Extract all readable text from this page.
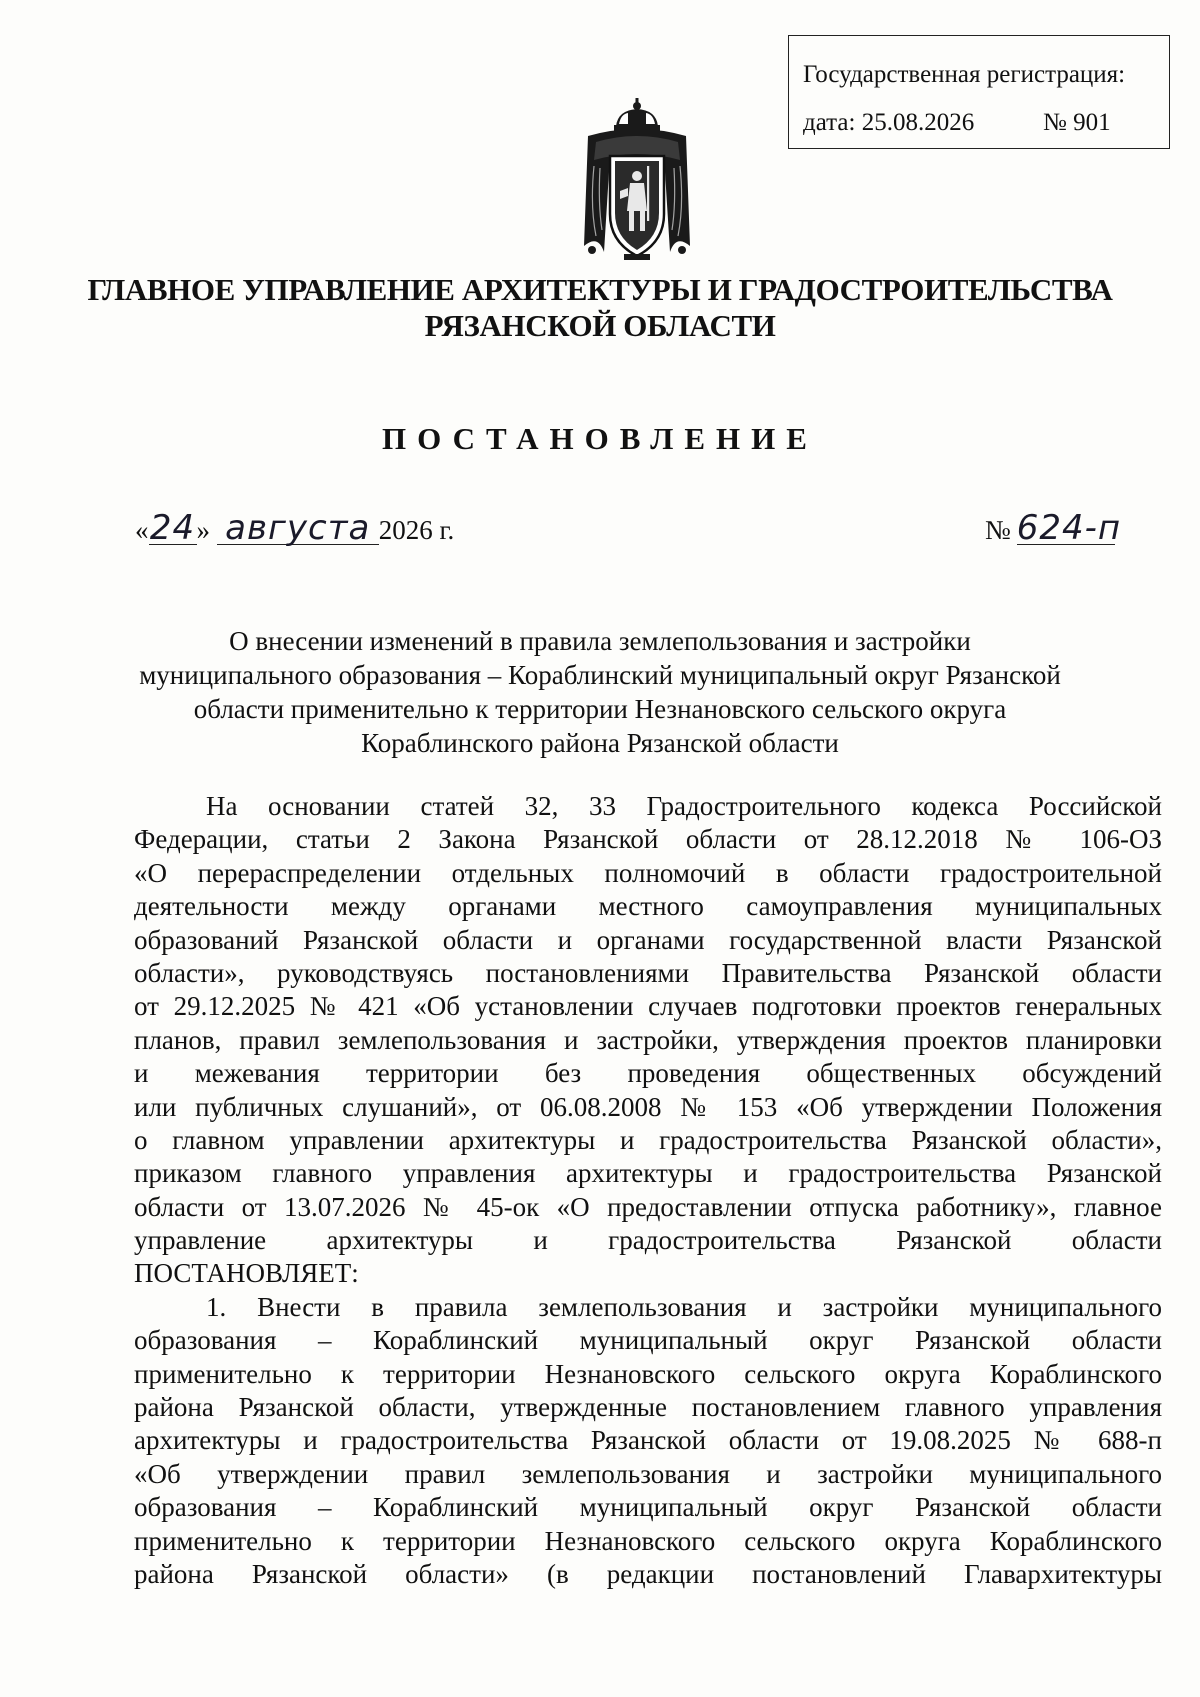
Государственная регистрация:
дата: 25.08.2026	№ 901
ГЛАВНОЕ УПРАВЛЕНИЕ АРХИТЕКТУРЫ И ГРАДОСТРОИТЕЛЬСТВА
РЯЗАНСКОЙ ОБЛАСТИ
ПОСТАНОВЛЕНИЕ
«24» августа 2026 г.	№ 624-п
О внесении изменений в правила землепользования и застройки
муниципального образования – Кораблинский муниципальный округ Рязанской
области применительно к территории Незнановского сельского округа
Кораблинского района Рязанской области
На основании статей 32, 33 Градостроительного кодекса Российской
Федерации, статьи 2 Закона Рязанской области от 28.12.2018 № 106-ОЗ
«О перераспределении отдельных полномочий в области градостроительной
деятельности между органами местного самоуправления муниципальных
образований Рязанской области и органами государственной власти Рязанской
области», руководствуясь постановлениями Правительства Рязанской области
от 29.12.2025 № 421 «Об установлении случаев подготовки проектов генеральных
планов, правил землепользования и застройки, утверждения проектов планировки
и межевания территории без проведения общественных обсуждений
или публичных слушаний», от 06.08.2008 № 153 «Об утверждении Положения
о главном управлении архитектуры и градостроительства Рязанской области»,
приказом главного управления архитектуры и градостроительства Рязанской
области от 13.07.2026 № 45-ок «О предоставлении отпуска работнику», главное
управление архитектуры и градостроительства Рязанской области
ПОСТАНОВЛЯЕТ:
1. Внести в правила землепользования и застройки муниципального
образования – Кораблинский муниципальный округ Рязанской области
применительно к территории Незнановского сельского округа Кораблинского
района Рязанской области, утвержденные постановлением главного управления
архитектуры и градостроительства Рязанской области от 19.08.2025 № 688-п
«Об утверждении правил землепользования и застройки муниципального
образования – Кораблинский муниципальный округ Рязанской области
применительно к территории Незнановского сельского округа Кораблинского
района Рязанской области» (в редакции постановлений Главархитектуры
